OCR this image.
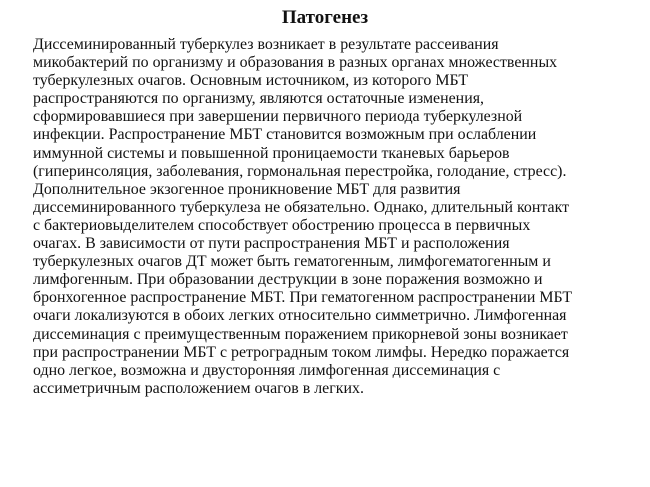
Патогенез
Диссеминированный туберкулез возникает в результате рассеивания
микобактерий по организму и образования в разных органах множественных
туберкулезных очагов. Основным источником, из которого МБТ
распространяются по организму, являются остаточные изменения,
сформировавшиеся при завершении первичного периода туберкулезной
инфекции. Распространение МБТ становится возможным при ослаблении
иммунной системы и повышенной проницаемости тканевых барьеров
(гиперинсоляция, заболевания, гормональная перестройка, голодание, стресс).
Дополнительное экзогенное проникновение МБТ для развития
диссеминированного туберкулеза не обязательно. Однако, длительный контакт
с бактериовыделителем способствует обострению процесса в первичных
очагах. В зависимости от пути распространения МБТ и расположения
туберкулезных очагов ДТ может быть гематогенным, лимфогематогенным и
лимфогенным. При образовании деструкции в зоне поражения возможно и
бронхогенное распространение МБТ. При гематогенном распространении МБТ
очаги локализуются в обоих легких относительно симметрично. Лимфогенная
диссеминация с преимущественным поражением прикорневой зоны возникает
при распространении МБТ с ретроградным током лимфы. Нередко поражается
одно легкое, возможна и двусторонняя лимфогенная диссеминация с
ассиметричным расположением очагов в легких.
